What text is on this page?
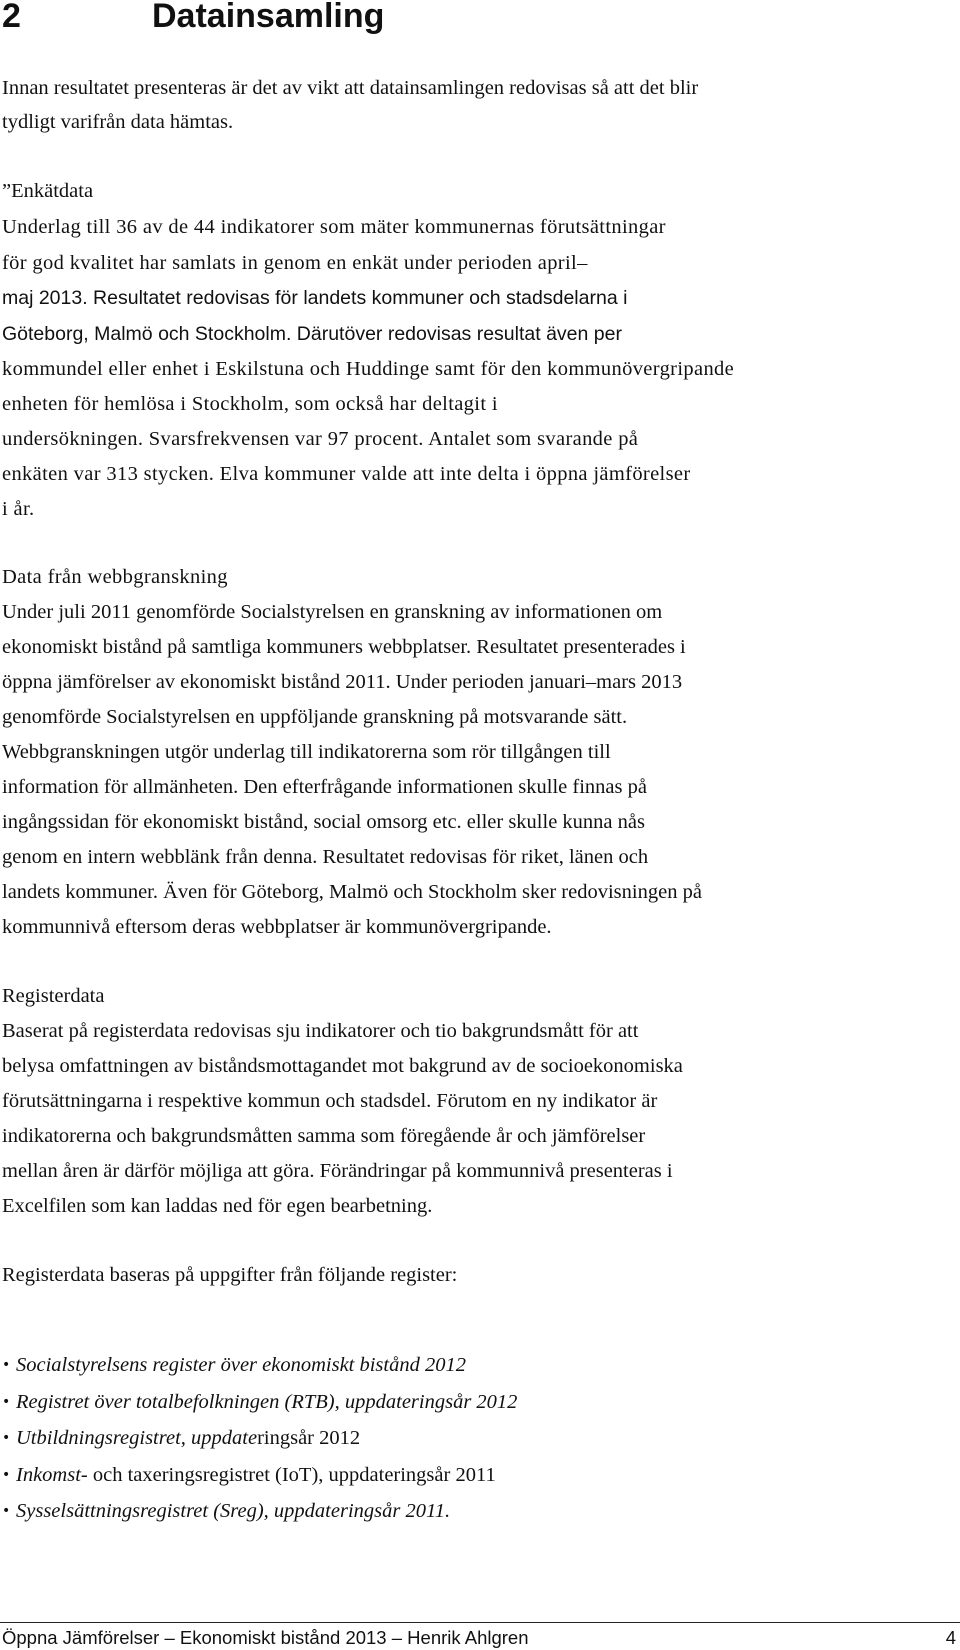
2	Datainsamling

Innan resultatet presenteras är det av vikt att datainsamlingen redovisas så att det blir

tydligt varifrån data hämtas.

”Enkätdata

Underlag till 36 av de 44 indikatorer som mäter kommunernas förutsättningar

för god kvalitet har samlats in genom en enkät under perioden april–

maj 2013. Resultatet redovisas för landets kommuner och stadsdelarna i

Göteborg, Malmö och Stockholm. Därutöver redovisas resultat även per

kommundel eller enhet i Eskilstuna och Huddinge samt för den kommunövergripande

enheten för hemlösa i Stockholm, som också har deltagit i

undersökningen. Svarsfrekvensen var 97 procent. Antalet som svarande på

enkäten var 313 stycken. Elva kommuner valde att inte delta i öppna jämförelser

i år.

Data från webbgranskning

Under juli 2011 genomförde Socialstyrelsen en granskning av informationen om

ekonomiskt bistånd på samtliga kommuners webbplatser. Resultatet presenterades i

öppna jämförelser av ekonomiskt bistånd 2011. Under perioden januari–mars 2013

genomförde Socialstyrelsen en uppföljande granskning på motsvarande sätt.

Webbgranskningen utgör underlag till indikatorerna som rör tillgången till

information för allmänheten. Den efterfrågande informationen skulle finnas på

ingångssidan för ekonomiskt bistånd, social omsorg etc. eller skulle kunna nås

genom en intern webblänk från denna. Resultatet redovisas för riket, länen och

landets kommuner. Även för Göteborg, Malmö och Stockholm sker redovisningen på

kommunnivå eftersom deras webbplatser är kommunövergripande.

Registerdata

Baserat på registerdata redovisas sju indikatorer och tio bakgrundsmått för att

belysa omfattningen av biståndsmottagandet mot bakgrund av de socioekonomiska

förutsättningarna i respektive kommun och stadsdel. Förutom en ny indikator är

indikatorerna och bakgrundsmåtten samma som föregående år och jämförelser

mellan åren är därför möjliga att göra. Förändringar på kommunnivå presenteras i

Excelfilen som kan laddas ned för egen bearbetning.

Registerdata baseras på uppgifter från följande register:

• Socialstyrelsens register över ekonomiskt bistånd 2012
• Registret över totalbefolkningen (RTB), uppdateringsår 2012
• Utbildningsregistret, uppdateringsår 2012
• Inkomst- och taxeringsregistret (IoT), uppdateringsår 2011
• Sysselsättningsregistret (Sreg), uppdateringsår 2011.
Öppna Jämförelser – Ekonomiskt bistånd 2013 – Henrik Ahlgren	4
